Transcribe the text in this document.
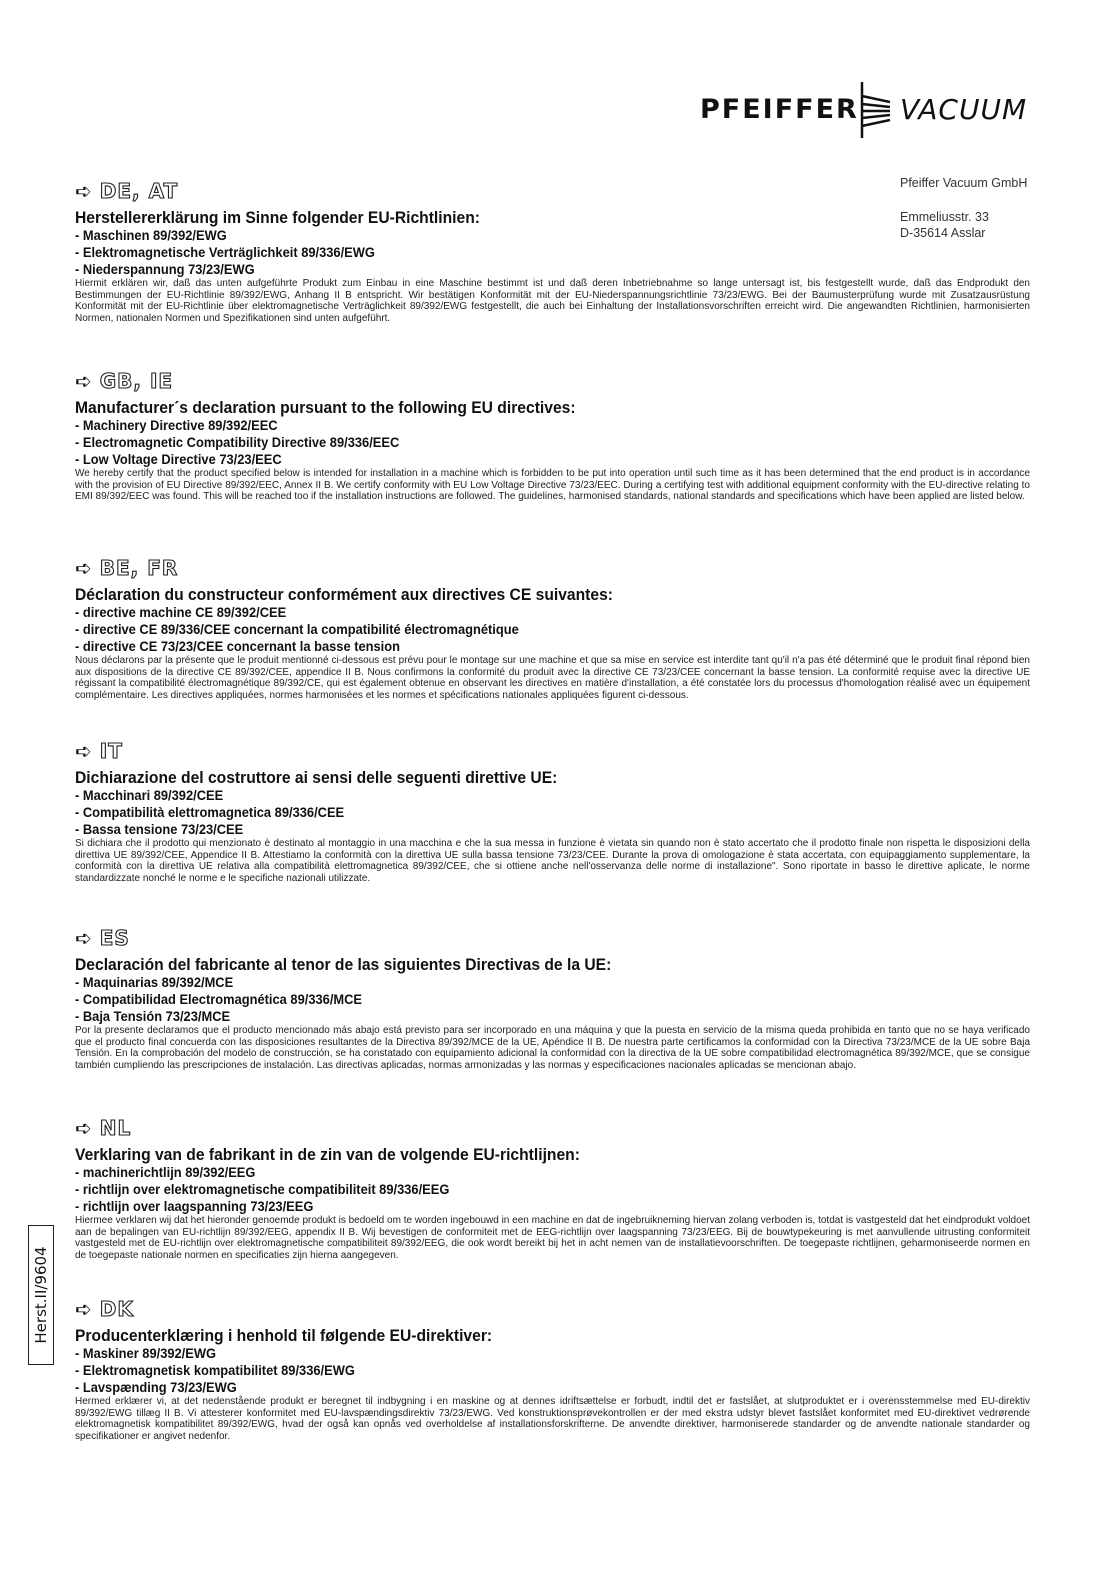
PFEIFFER VACUUM
Pfeiffer Vacuum GmbH
Emmeliusstr. 33
D-35614 Asslar
➪ DE, AT
Herstellererklärung im Sinne folgender EU-Richtlinien:
- Maschinen 89/392/EWG
- Elektromagnetische Verträglichkeit 89/336/EWG
- Niederspannung 73/23/EWG

Hiermit erklären wir, daß das unten aufgeführte Produkt zum Einbau in eine Maschine bestimmt ist und daß deren Inbetriebnahme so lange untersagt ist, bis festgestellt wurde, daß das Endprodukt den Bestimmungen der EU-Richtlinie 89/392/EWG, Anhang II B entspricht. Wir bestätigen Konformität mit der EU-Niederspannungsrichtlinie 73/23/EWG. Bei der Baumusterprüfung wurde mit Zusatzausrüstung Konformität mit der EU-Richtlinie über elektromagnetische Verträglichkeit 89/392/EWG festgestellt, die auch bei Einhaltung der Installationsvorschriften erreicht wird. Die angewandten Richtlinien, harmonisierten Normen, nationalen Normen und Spezifikationen sind unten aufgeführt.

➪ GB, IE
Manufacturer´s declaration pursuant to the following EU directives:
- Machinery Directive 89/392/EEC
- Electromagnetic Compatibility Directive 89/336/EEC
- Low Voltage Directive 73/23/EEC

We hereby certify that the product specified below is intended for installation in a machine which is forbidden to be put into operation until such time as it has been determined that the end product is in accordance with the provision of EU Directive 89/392/EEC, Annex II B. We certify conformity with EU Low Voltage Directive 73/23/EEC. During a certifying test with additional equipment conformity with the EU-directive relating to EMI 89/392/EEC was found. This will be reached too if the installation instructions are followed. The guidelines, harmonised standards, national standards and specifications which have been applied are listed below.

➪ BE, FR
Déclaration du constructeur conformément aux directives CE suivantes:
- directive machine CE 89/392/CEE
- directive CE 89/336/CEE concernant la compatibilité électromagnétique
- directive CE 73/23/CEE concernant la basse tension

Nous déclarons par la présente que le produit mentionné ci-dessous est prévu pour le montage sur une machine et que sa mise en service est interdite tant qu'il n'a pas été déterminé que le produit final répond bien aux dispositions de la directive CE 89/392/CEE, appendice II B. Nous confirmons la conformité du produit avec la directive CE 73/23/CEE concernant la basse tension. La conformité requise avec la directive UE régissant la compatibilité électromagnétique 89/392/CE, qui est également obtenue en observant les directives en matière d'installation, a été constatée lors du processus d'homologation réalisé avec un équipement complémentaire. Les directives appliquées, normes harmonisées et les normes et spécifications nationales appliquées figurent ci-dessous.

➪ IT
Dichiarazione del costruttore ai sensi delle seguenti direttive UE:
- Macchinari 89/392/CEE
- Compatibilità elettromagnetica 89/336/CEE
- Bassa tensione 73/23/CEE

Si dichiara che il prodotto qui menzionato è destinato al montaggio in una macchina e che la sua messa in funzione è vietata sin quando non è stato accertato che il prodotto finale non rispetta le disposizioni della direttiva UE 89/392/CEE, Appendice II B. Attestiamo la conformità con la direttiva UE sulla bassa tensione 73/23/CEE. Durante la prova di omologazione è stata accertata, con equipaggiamento supplementare, la conformità con la direttiva UE relativa alla compatibilità elettromagnetica 89/392/CEE, che si ottiene anche nell'osservanza delle norme di installazione". Sono riportate in basso le direttive aplicate, le norme standardizzate nonché le norme e le specifiche nazionali utilizzate.

➪ ES
Declaración del fabricante al tenor de las siguientes Directivas de la UE:
- Maquinarias 89/392/MCE
- Compatibilidad Electromagnética 89/336/MCE
- Baja Tensión 73/23/MCE

Por la presente declaramos que el producto mencionado más abajo está previsto para ser incorporado en una máquina y que la puesta en servicio de la misma queda prohibida en tanto que no se haya verificado que el producto final concuerda con las disposiciones resultantes de la Directiva 89/392/MCE de la UE, Apéndice II B. De nuestra parte certificamos la conformidad con la Directiva 73/23/MCE de la UE sobre Baja Tensión. En la comprobación del modelo de construcción, se ha constatado con equipamiento adicional la conformidad con la directiva de la UE sobre compatibilidad electromagnética 89/392/MCE, que se consigue también cumpliendo las prescripciones de instalación. Las directivas aplicadas, normas armonizadas y las normas y especificaciones nacionales aplicadas se mencionan abajo.

➪ NL
Verklaring van de fabrikant in de zin van de volgende EU-richtlijnen:
- machinerichtlijn 89/392/EEG
- richtlijn over elektromagnetische compatibiliteit 89/336/EEG
- richtlijn over laagspanning 73/23/EEG

Hiermee verklaren wij dat het hieronder genoemde produkt is bedoeld om te worden ingebouwd in een machine en dat de ingebruikneming hiervan zolang verboden is, totdat is vastgesteld dat het eindprodukt voldoet aan de bepalingen van EU-richtlijn 89/392/EEG, appendix II B. Wij bevestigen de conformiteit met de EEG-richtlijn over laagspanning 73/23/EEG. Bij de bouwtypekeuring is met aanvullende uitrusting conformiteit vastgesteld met de EU-richtlijn over elektromagnetische compatibiliteit 89/392/EEG, die ook wordt bereikt bij het in acht nemen van de installatievoorschriften. De toegepaste richtlijnen, geharmoniseerde normen en de toegepaste nationale normen en specificaties zijn hierna aangegeven.

➪ DK
Producenterklæring i henhold til følgende EU-direktiver:
- Maskiner 89/392/EWG
- Elektromagnetisk kompatibilitet 89/336/EWG
- Lavspænding 73/23/EWG

Hermed erklærer vi, at det nedenstående produkt er beregnet til indbygning i en maskine og at dennes idriftsættelse er forbudt, indtil det er fastslået, at slutproduktet er i overensstemmelse med EU-direktiv 89/392/EWG tillæg II B. Vi attesterer konformitet med EU-lavspændingsdirektiv 73/23/EWG. Ved konstruktionsprøvekontrollen er der med ekstra udstyr blevet fastslået konformitet med EU-direktivet vedrørende elektromagnetisk kompatibilitet 89/392/EWG, hvad der også kan opnås ved overholdelse af installationsforskrifterne. De anvendte direktiver, harmoniserede standarder og de anvendte nationale standarder og specifikationer er angivet nedenfor.

Herst.II/9604
